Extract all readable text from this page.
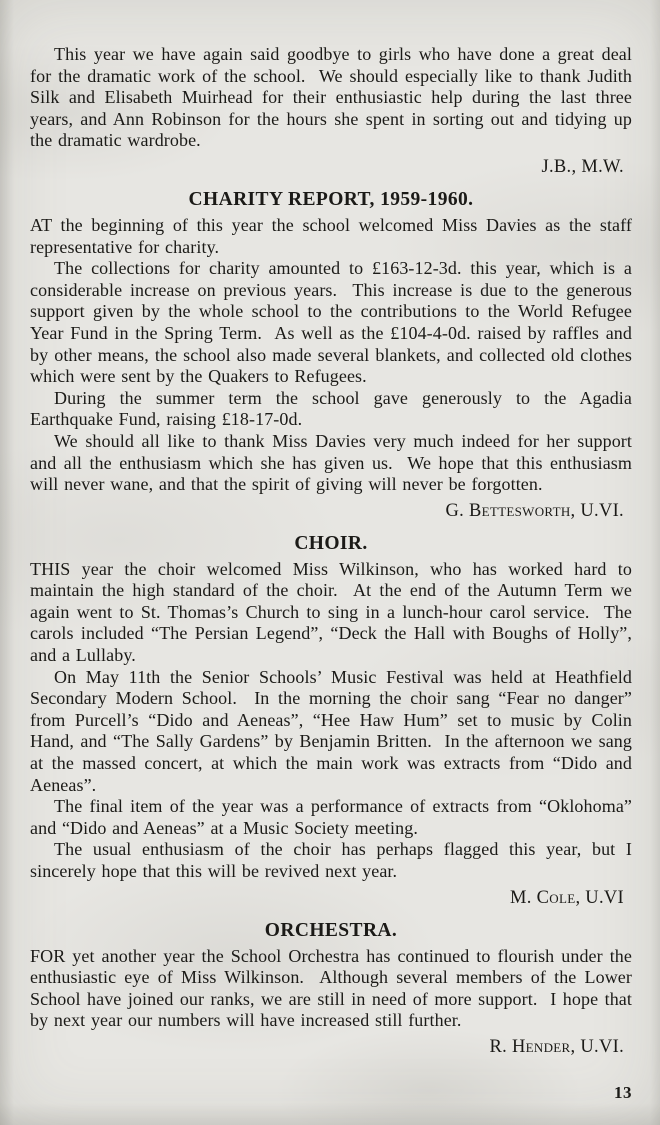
This year we have again said goodbye to girls who have done a great deal for the dramatic work of the school.  We should especially like to thank Judith Silk and Elisabeth Muirhead for their enthusiastic help during the last three years, and Ann Robinson for the hours she spent in sorting out and tidying up the dramatic wardrobe.

J.B., M.W.

CHARITY REPORT, 1959-1960.

AT the beginning of this year the school welcomed Miss Davies as the staff representative for charity.

The collections for charity amounted to £163-12-3d. this year, which is a considerable increase on previous years.  This increase is due to the generous support given by the whole school to the contributions to the World Refugee Year Fund in the Spring Term.  As well as the £104-4-0d. raised by raffles and by other means, the school also made several blankets, and collected old clothes which were sent by the Quakers to Refugees.

During the summer term the school gave generously to the Agadia Earthquake Fund, raising £18-17-0d.

We should all like to thank Miss Davies very much indeed for her support and all the enthusiasm which she has given us.  We hope that this enthusiasm will never wane, and that the spirit of giving will never be forgotten.

G. Bettesworth, U.VI.

CHOIR.

THIS year the choir welcomed Miss Wilkinson, who has worked hard to maintain the high standard of the choir.  At the end of the Autumn Term we again went to St. Thomas’s Church to sing in a lunch-hour carol service.  The carols included “The Persian Legend”, “Deck the Hall with Boughs of Holly”, and a Lullaby.

On May 11th the Senior Schools’ Music Festival was held at Heathfield Secondary Modern School.  In the morning the choir sang “Fear no danger” from Purcell’s “Dido and Aeneas”, “Hee Haw Hum” set to music by Colin Hand, and “The Sally Gardens” by Benjamin Britten.  In the afternoon we sang at the massed concert, at which the main work was extracts from “Dido and Aeneas”.

The final item of the year was a performance of extracts from “Oklohoma” and “Dido and Aeneas” at a Music Society meeting.

The usual enthusiasm of the choir has perhaps flagged this year, but I sincerely hope that this will be revived next year.

M. Cole, U.VI

ORCHESTRA.

FOR yet another year the School Orchestra has continued to flourish under the enthusiastic eye of Miss Wilkinson.  Although several members of the Lower School have joined our ranks, we are still in need of more support.  I hope that by next year our numbers will have increased still further.

R. Hender, U.VI.

13
